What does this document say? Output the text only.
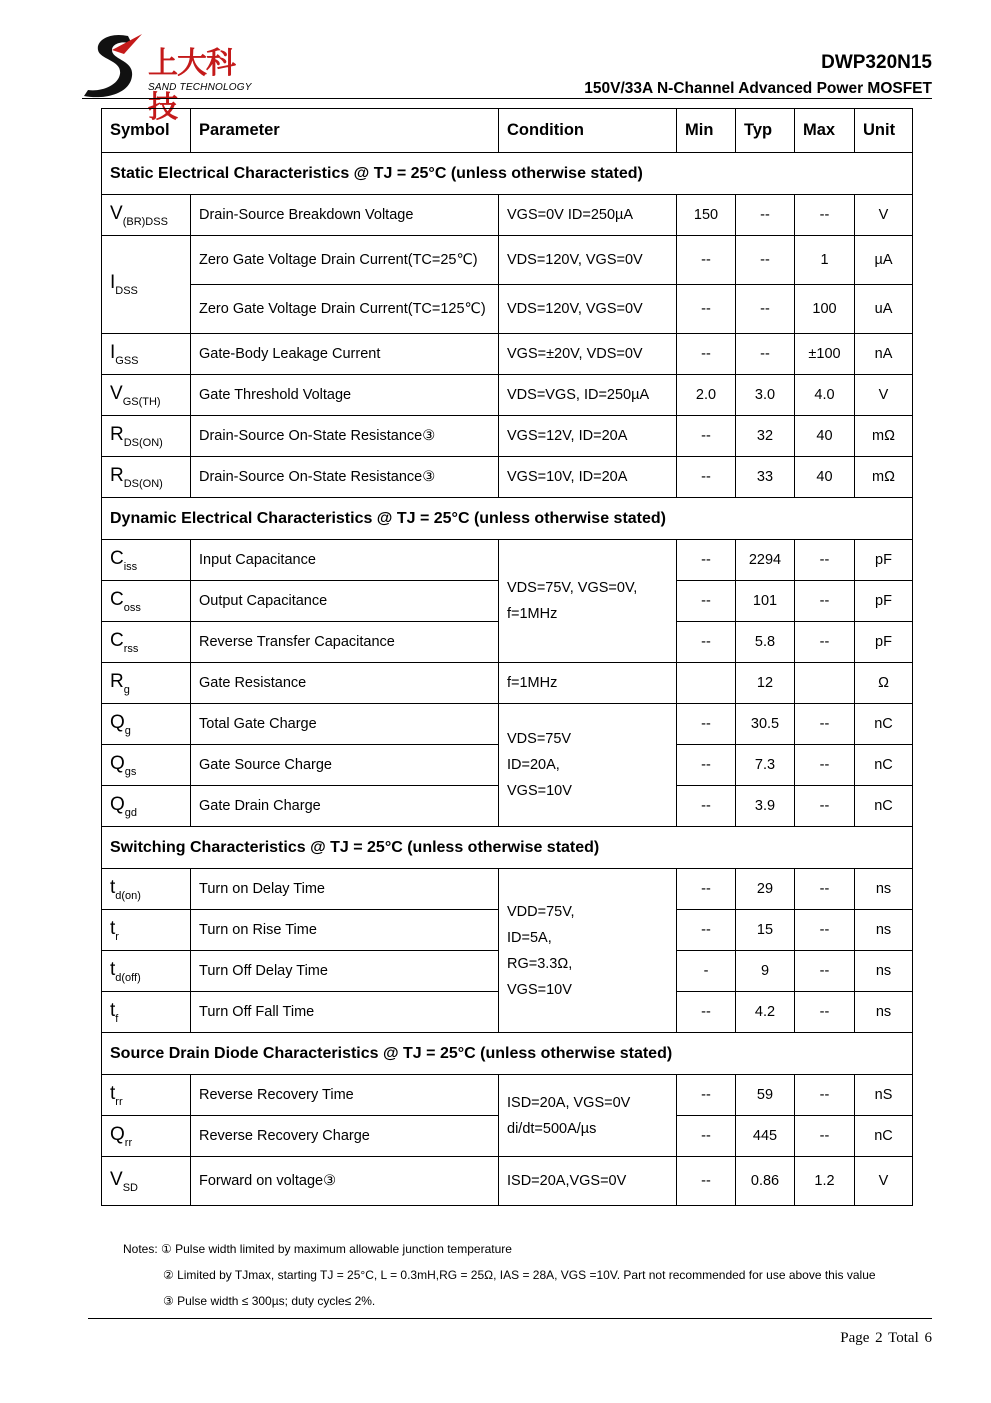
上大科技
SAND TECHNOLOGY
DWP320N15
150V/33A N-Channel Advanced Power MOSFET
Symbol	Parameter	Condition	Min	Typ	Max	Unit
Static Electrical Characteristics @ TJ = 25°C (unless otherwise stated)						
$V_{(BR)DSS}$	Drain-Source Breakdown Voltage	VGS=0V ID=250µA	150	--	--	V
$I_{DSS}$	Zero Gate Voltage Drain Current(TC=25℃)	VDS=120V, VGS=0V	--	--	1	µA
	Zero Gate Voltage Drain Current(TC=125℃)	VDS=120V, VGS=0V	--	--	100	uA
$I_{GSS}$	Gate-Body Leakage Current	VGS=±20V, VDS=0V	--	--	±100	nA
$V_{GS(TH)}$	Gate Threshold Voltage	VDS=VGS, ID=250µA	2.0	3.0	4.0	V
$R_{DS(ON)}$	Drain-Source On-State Resistance③	VGS=12V, ID=20A	--	32	40	mΩ
$R_{DS(ON)}$	Drain-Source On-State Resistance③	VGS=10V, ID=20A	--	33	40	mΩ
Dynamic Electrical Characteristics @ TJ = 25°C (unless otherwise stated)						
$C_{iss}$	Input Capacitance	VDS=75V, VGS=0V,
f=1MHz	--	2294	--	pF
$C_{oss}$	Output Capacitance		--	101	--	pF
$C_{rss}$	Reverse Transfer Capacitance		--	5.8	--	pF
$R_g$	Gate Resistance	f=1MHz		12		Ω
$Q_g$	Total Gate Charge	VDS=75V
ID=20A,
VGS=10V	--	30.5	--	nC
$Q_{gs}$	Gate Source Charge		--	7.3	--	nC
$Q_{gd}$	Gate Drain Charge		--	3.9	--	nC
Switching Characteristics @ TJ = 25°C (unless otherwise stated)						
$t_{d(on)}$	Turn on Delay Time	VDD=75V,
ID=5A,
RG=3.3Ω,
VGS=10V	--	29	--	ns
$t_r$	Turn on Rise Time		--	15	--	ns
$t_{d(off)}$	Turn Off Delay Time		-	9	--	ns
$t_f$	Turn Off Fall Time		--	4.2	--	ns
Source Drain Diode Characteristics @ TJ = 25°C (unless otherwise stated)						
$t_{rr}$	Reverse Recovery Time	ISD=20A, VGS=0V
di/dt=500A/µs	--	59	--	nS
$Q_{rr}$	Reverse Recovery Charge		--	445	--	nC
$V_{SD}$	Forward on voltage③	ISD=20A,VGS=0V	--	0.86	1.2	V
Notes: ① Pulse width limited by maximum allowable junction temperature
② Limited by TJmax, starting TJ = 25°C, L = 0.3mH,RG = 25Ω, IAS = 28A, VGS =10V. Part not recommended for use above this value
③ Pulse width ≤ 300µs; duty cycle≤ 2%.
Page 2 Total 6
